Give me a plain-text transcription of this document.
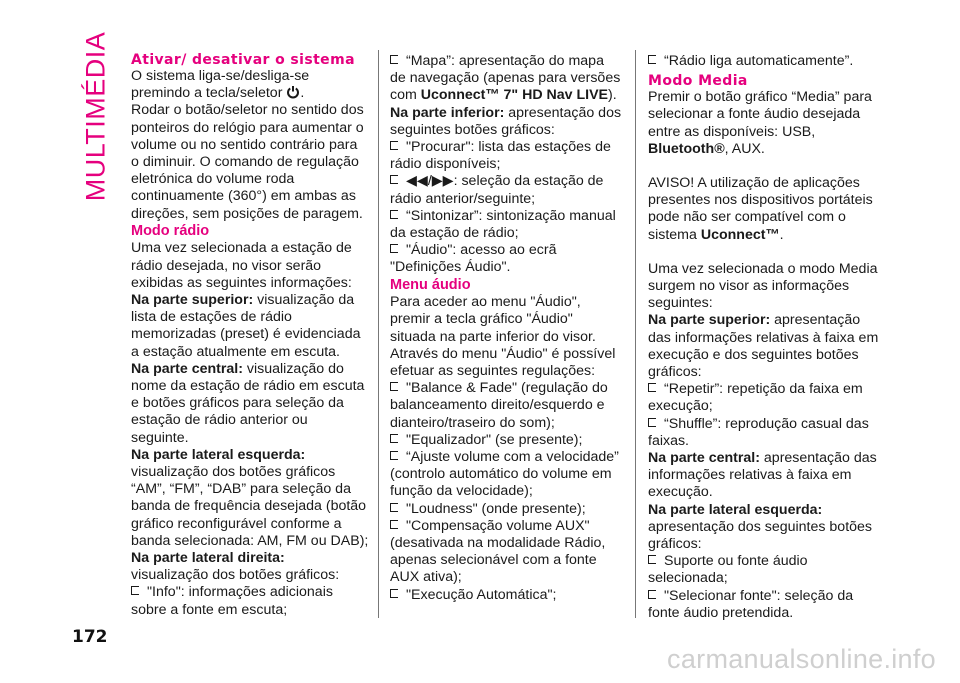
MULTIMÉDIA Ativar/ desativar o sistema

O sistema liga-se/desliga-se premindo a tecla/seletor .

Rodar o botão/seletor no sentido dos ponteiros do relógio para aumentar o volume ou no sentido contrário para o diminuir. O comando de regulação eletrónica do volume roda continuamente (360°) em ambas as direções, sem posições de paragem.

Modo rádio

Uma vez selecionada a estação de rádio desejada, no visor serão exibidas as seguintes informações:

Na parte superior: visualização da lista de estações de rádio memorizadas (preset) é evidenciada a estação atualmente em escuta.

Na parte central: visualização do nome da estação de rádio em escuta e botões gráficos para seleção da estação de rádio anterior ou seguinte.

Na parte lateral esquerda:
visualização dos botões gráficos “AM”, “FM”, “DAB” para seleção da banda de frequência desejada (botão gráfico reconfigurável conforme a banda selecionada: AM, FM ou DAB);

Na parte lateral direita:
visualização dos botões gráficos:

"Info": informações adicionais sobre a fonte em escuta;
“Mapa”: apresentação do mapa de navegação (apenas para versões com Uconnect™ 7" HD Nav LIVE).

Na parte inferior: apresentação dos seguintes botões gráficos:

"Procurar": lista das estações de rádio disponíveis;
◀◀/▶▶: seleção da estação de rádio anterior/seguinte;
“Sintonizar”: sintonização manual da estação de rádio;
"Áudio": acesso ao ecrã "Definições Áudio".
Menu áudio

Para aceder ao menu "Áudio", premir a tecla gráfico "Áudio" situada na parte inferior do visor.

Através do menu "Áudio" é possível efetuar as seguintes regulações:

"Balance & Fade" (regulação do balanceamento direito/esquerdo e dianteiro/traseiro do som);
"Equalizador" (se presente);
“Ajuste volume com a velocidade” (controlo automático do volume em função da velocidade);
"Loudness" (onde presente);
"Compensação volume AUX" (desativada na modalidade Rádio, apenas selecionável com a fonte AUX ativa);
"Execução Automática";
“Rádio liga automaticamente”.
Modo Media

Premir o botão gráfico “Media” para selecionar a fonte áudio desejada entre as disponíveis: USB, Bluetooth®, AUX.

AVISO! A utilização de aplicações presentes nos dispositivos portáteis pode não ser compatível com o sistema Uconnect™.

Uma vez selecionada o modo Media surgem no visor as informações seguintes:

Na parte superior: apresentação das informações relativas à faixa em execução e dos seguintes botões gráficos:

“Repetir”: repetição da faixa em execução;
“Shuffle”: reprodução casual das faixas.

Na parte central: apresentação das informações relativas à faixa em execução.

Na parte lateral esquerda:
apresentação dos seguintes botões gráficos:

Suporte ou fonte áudio selecionada;
"Selecionar fonte": seleção da fonte áudio pretendida.
172
carmanualsonline.info
